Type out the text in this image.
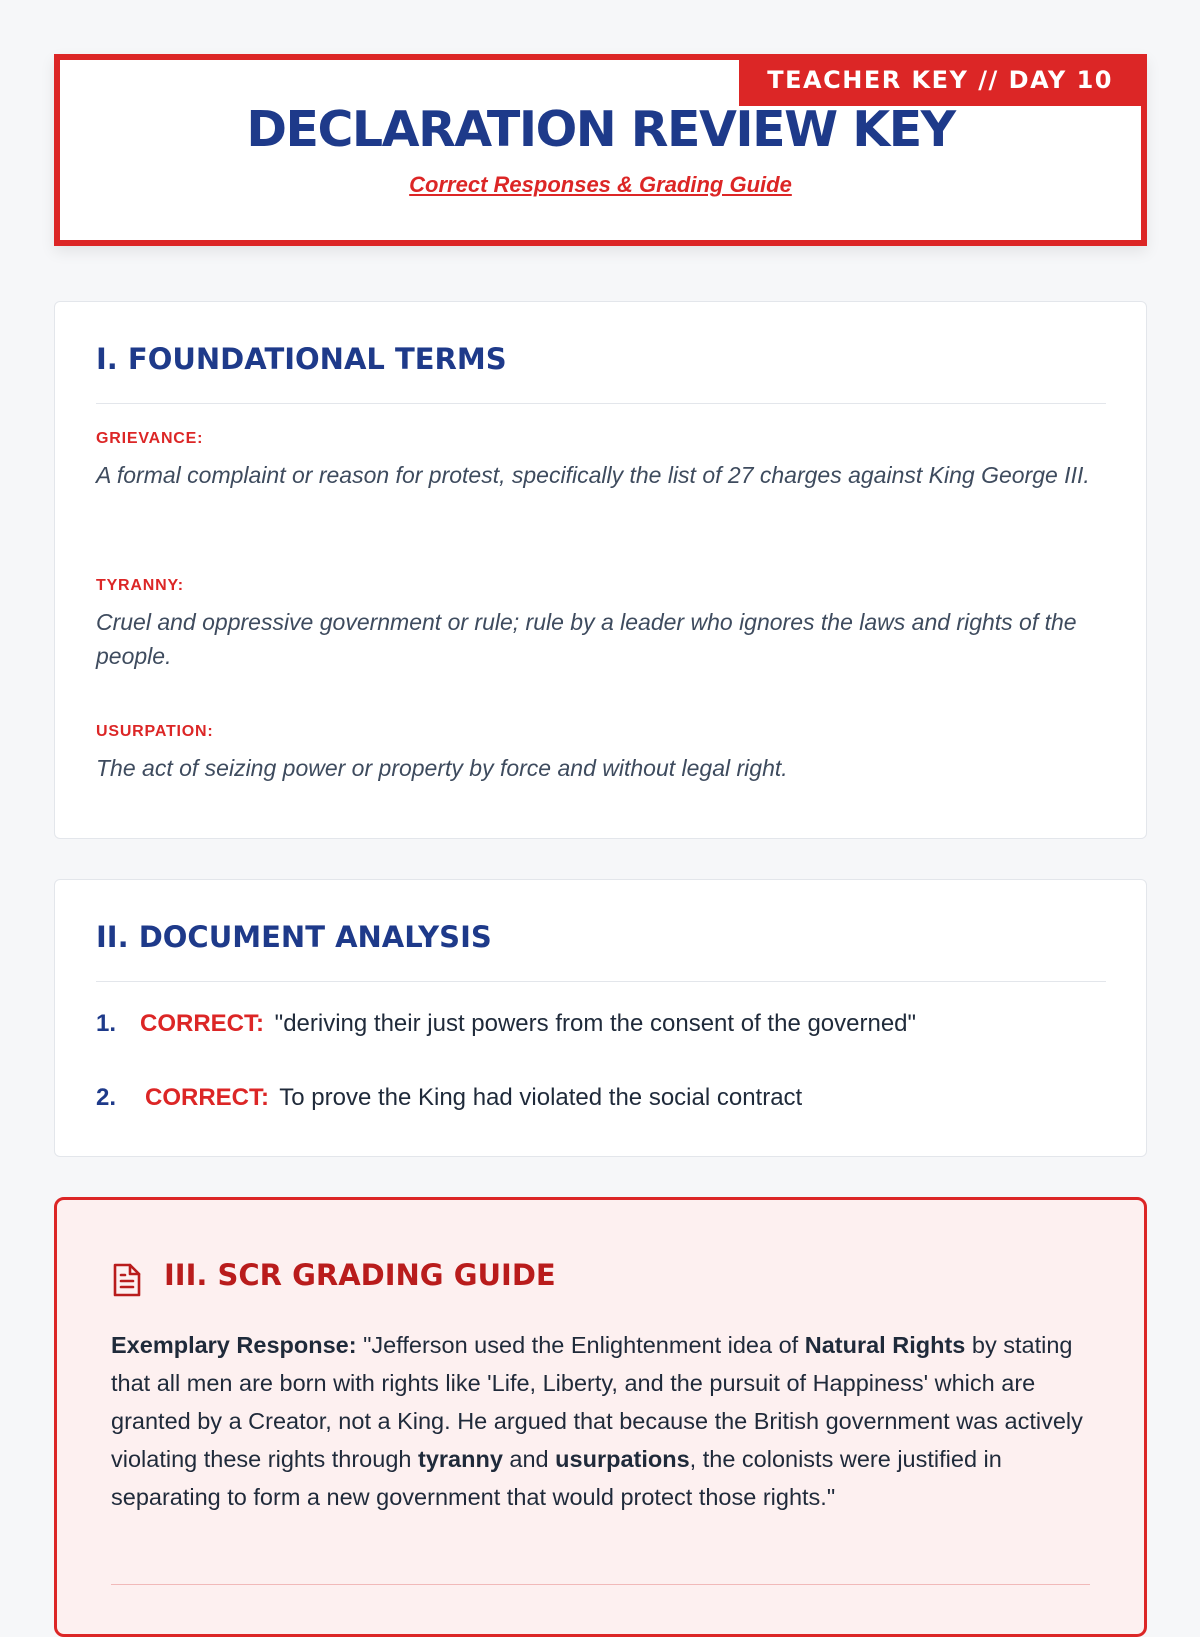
TEACHER KEY // DAY 10
DECLARATION REVIEW KEY
Correct Responses & Grading Guide
I. FOUNDATIONAL TERMS
GRIEVANCE:
A formal complaint or reason for protest, specifically the list of 27 charges against King George III.
TYRANNY:
Cruel and oppressive government or rule; rule by a leader who ignores the laws and rights of the people.
USURPATION:
The act of seizing power or property by force and without legal right.
II. DOCUMENT ANALYSIS
1. CORRECT: "deriving their just powers from the consent of the governed"
2. CORRECT: To prove the King had violated the social contract
III. SCR GRADING GUIDE
Exemplary Response: "Jefferson used the Enlightenment idea of Natural Rights by stating that all men are born with rights like 'Life, Liberty, and the pursuit of Happiness' which are granted by a Creator, not a King. He argued that because the British government was actively violating these rights through tyranny and usurpations, the colonists were justified in separating to form a new government that would protect those rights."
